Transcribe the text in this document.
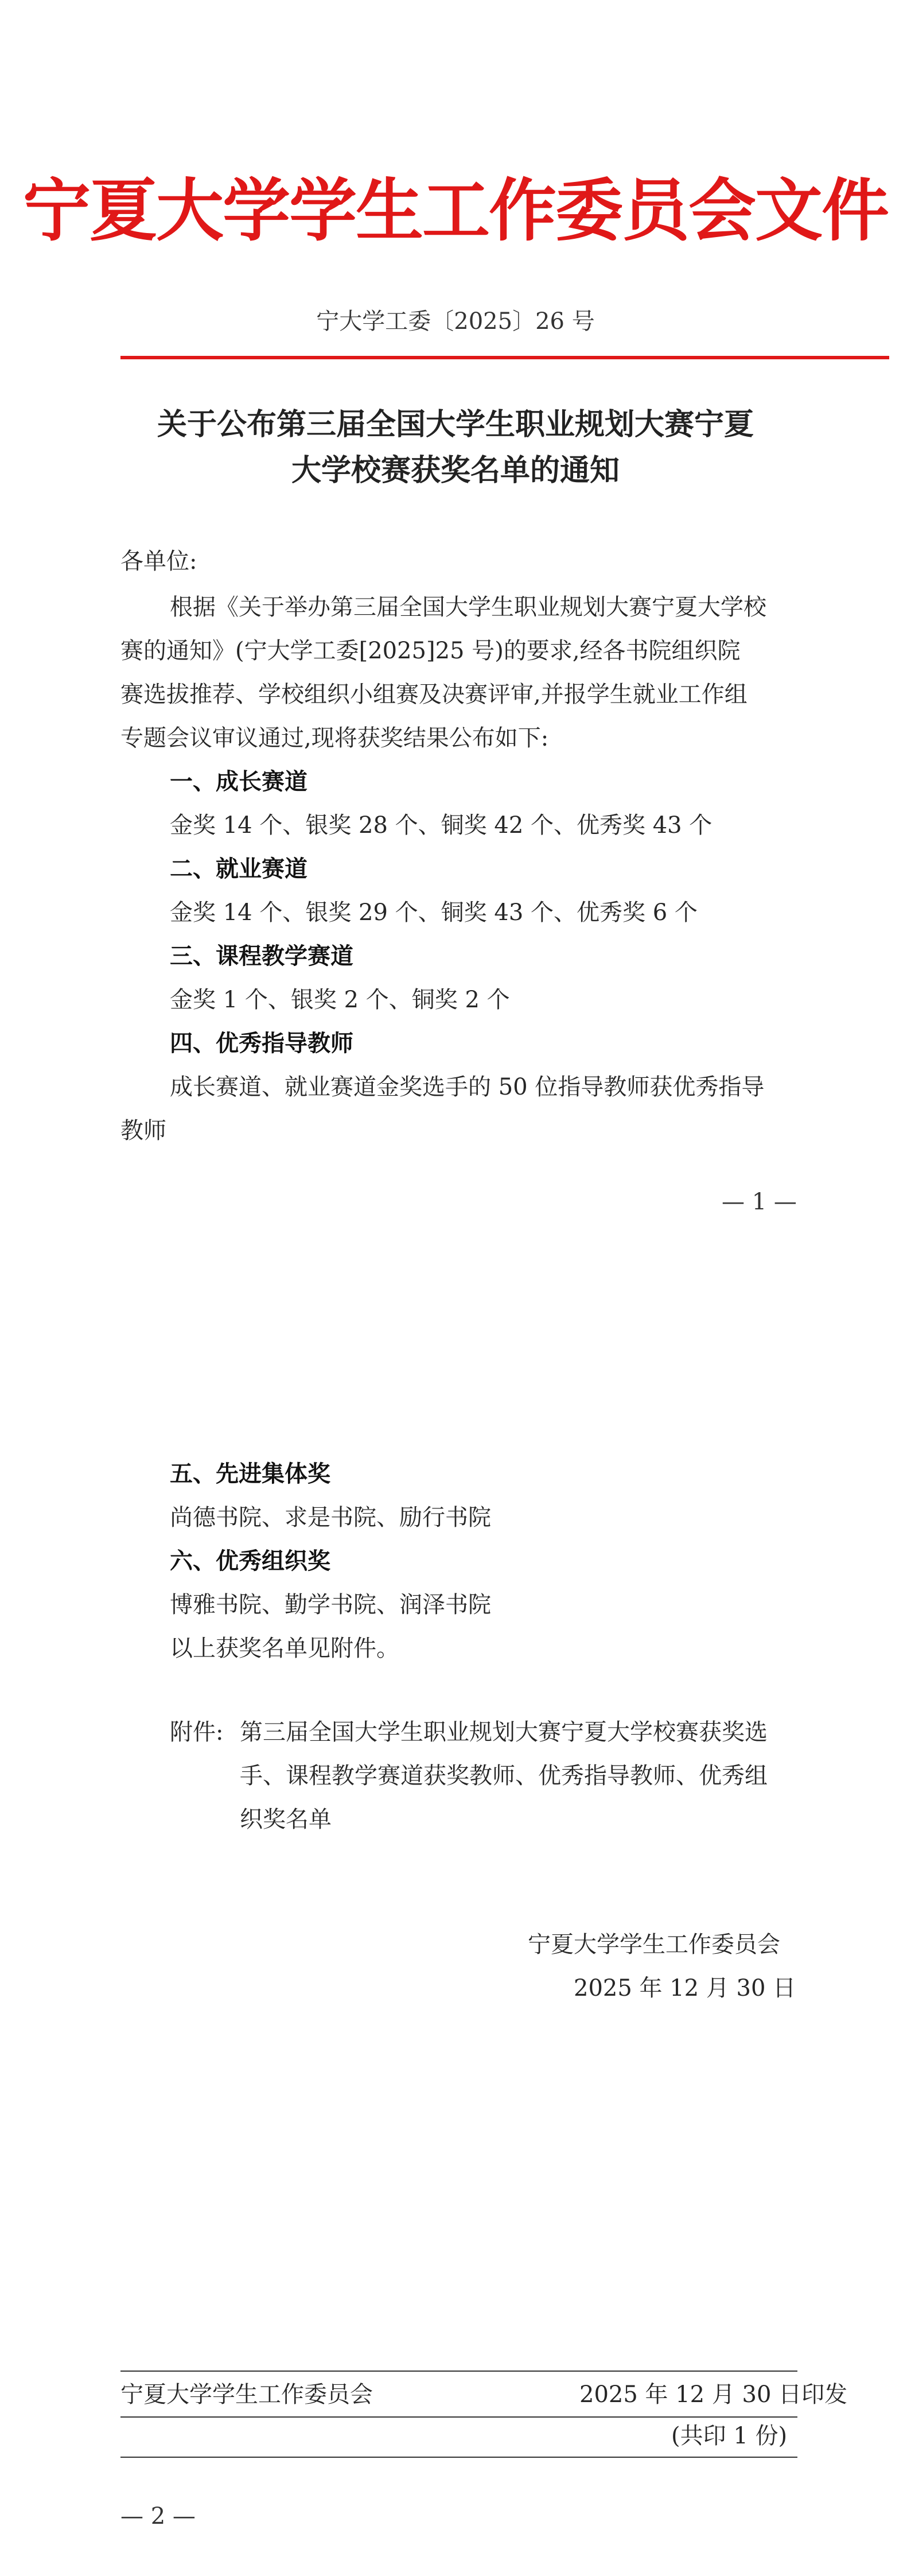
宁夏大学学生工作委员会文件
宁大学工委〔2025〕26 号
关于公布第三届全国大学生职业规划大赛宁夏
大学校赛获奖名单的通知
各单位:
根据《关于举办第三届全国大学生职业规划大赛宁夏大学校
赛的通知》(宁大学工委[2025]25 号)的要求,经各书院组织院
赛选拔推荐、学校组织小组赛及决赛评审,并报学生就业工作组
专题会议审议通过,现将获奖结果公布如下:
一、成长赛道
金奖 14 个、银奖 28 个、铜奖 42 个、优秀奖 43 个
二、就业赛道
金奖 14 个、银奖 29 个、铜奖 43 个、优秀奖 6 个
三、课程教学赛道
金奖 1 个、银奖 2 个、铜奖 2 个
四、优秀指导教师
成长赛道、就业赛道金奖选手的 50 位指导教师获优秀指导
教师
— 1 —
五、先进集体奖
尚德书院、求是书院、励行书院
六、优秀组织奖
博雅书院、勤学书院、润泽书院
以上获奖名单见附件。
附件: 第三届全国大学生职业规划大赛宁夏大学校赛获奖选
手、课程教学赛道获奖教师、优秀指导教师、优秀组
织奖名单
宁夏大学学生工作委员会
2025 年 12 月 30 日
宁夏大学学生工作委员会	2025 年 12 月 30 日印发
(共印 1 份)
— 2 —
